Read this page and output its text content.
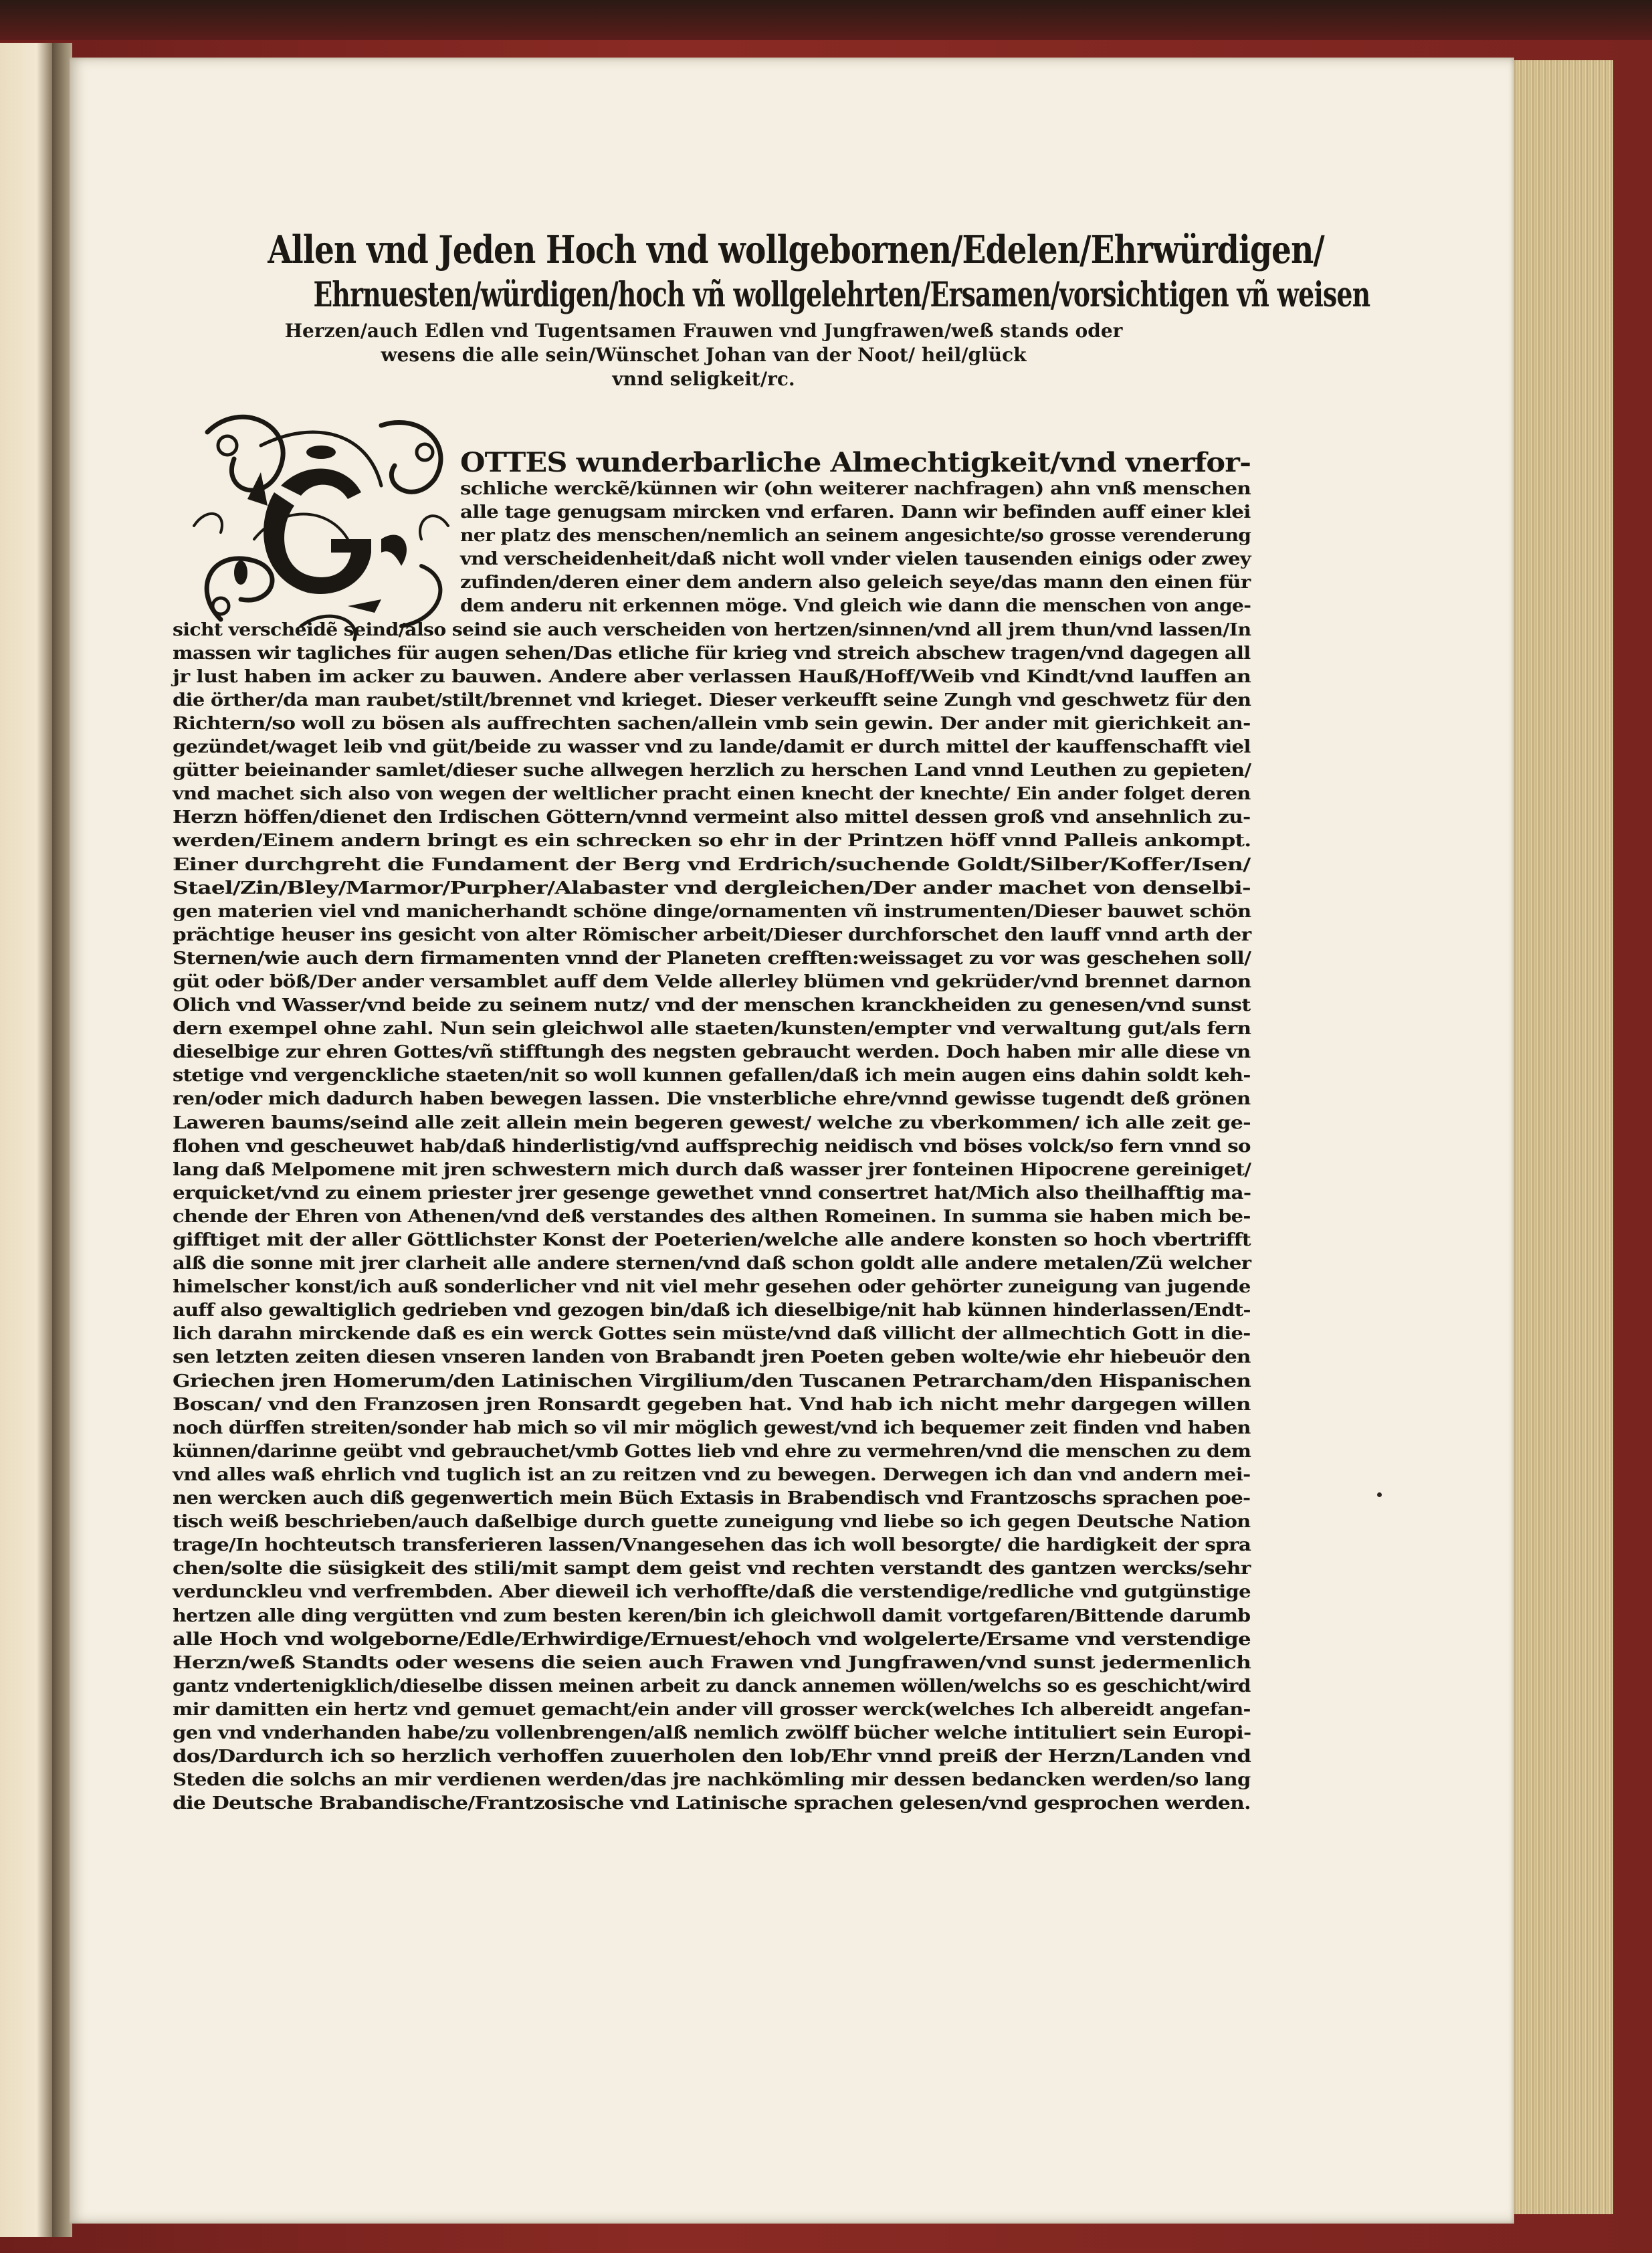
Allen vnd Jeden Hoch vnd wollgebornen/Edelen/Ehrwürdigen/
Ehrnuesten/würdigen/hoch vñ wollgelehrten/Ersamen/vorsichtigen vñ weisen
Herzen/auch Edlen vnd Tugentsamen Frauwen vnd Jungfrawen/weß stands oder
wesens die alle sein/Wünschet Johan van der Noot/ heil/glück
vnnd seligkeit/rc.
OTTES wunderbarliche Almechtigkeit/vnd vnerfor-
schliche werckẽ/künnen wir (ohn weiterer nachfragen) ahn vnß menschen
alle tage genugsam mircken vnd erfaren. Dann wir befinden auff einer klei
ner platz des menschen/nemlich an seinem angesichte/so grosse verenderung
vnd verscheidenheit/daß nicht woll vnder vielen tausenden einigs oder zwey
zufinden/deren einer dem andern also geleich seye/das mann den einen für
dem anderu nit erkennen möge. Vnd gleich wie dann die menschen von ange-
sicht verscheidẽ seind/also seind sie auch verscheiden von hertzen/sinnen/vnd all jrem thun/vnd lassen/In
massen wir tagliches für augen sehen/Das etliche für krieg vnd streich abschew tragen/vnd dagegen all
jr lust haben im acker zu bauwen. Andere aber verlassen Hauß/Hoff/Weib vnd Kindt/vnd lauffen an
die örther/da man raubet/stilt/brennet vnd krieget. Dieser verkeufft seine Zungh vnd geschwetz für den
Richtern/so woll zu bösen als auffrechten sachen/allein vmb sein gewin. Der ander mit gierichkeit an-
gezündet/waget leib vnd güt/beide zu wasser vnd zu lande/damit er durch mittel der kauffenschafft viel
gütter beieinander samlet/dieser suche allwegen herzlich zu herschen Land vnnd Leuthen zu gepieten/
vnd machet sich also von wegen der weltlicher pracht einen knecht der knechte/ Ein ander folget deren
Herzn höffen/dienet den Irdischen Göttern/vnnd vermeint also mittel dessen groß vnd ansehnlich zu-
werden/Einem andern bringt es ein schrecken so ehr in der Printzen höff vnnd Palleis ankompt.
Einer durchgreht die Fundament der Berg vnd Erdrich/suchende Goldt/Silber/Koffer/Isen/
Stael/Zin/Bley/Marmor/Purpher/Alabaster vnd dergleichen/Der ander machet von denselbi-
gen materien viel vnd manicherhandt schöne dinge/ornamenten vñ instrumenten/Dieser bauwet schön
prächtige heuser ins gesicht von alter Römischer arbeit/Dieser durchforschet den lauff vnnd arth der
Sternen/wie auch dern firmamenten vnnd der Planeten crefften:weissaget zu vor was geschehen soll/
güt oder böß/Der ander versamblet auff dem Velde allerley blümen vnd gekrüder/vnd brennet darnon
Olich vnd Wasser/vnd beide zu seinem nutz/ vnd der menschen kranckheiden zu genesen/vnd sunst
dern exempel ohne zahl. Nun sein gleichwol alle staeten/kunsten/empter vnd verwaltung gut/als fern
dieselbige zur ehren Gottes/vñ stifftungh des negsten gebraucht werden. Doch haben mir alle diese vn
stetige vnd vergenckliche staeten/nit so woll kunnen gefallen/daß ich mein augen eins dahin soldt keh-
ren/oder mich dadurch haben bewegen lassen. Die vnsterbliche ehre/vnnd gewisse tugendt deß grönen
Laweren baums/seind alle zeit allein mein begeren gewest/ welche zu vberkommen/ ich alle zeit ge-
flohen vnd gescheuwet hab/daß hinderlistig/vnd auffsprechig neidisch vnd böses volck/so fern vnnd so
lang daß Melpomene mit jren schwestern mich durch daß wasser jrer fonteinen Hipocrene gereiniget/
erquicket/vnd zu einem priester jrer gesenge gewethet vnnd consertret hat/Mich also theilhafftig ma-
chende der Ehren von Athenen/vnd deß verstandes des althen Romeinen. In summa sie haben mich be-
gifftiget mit der aller Göttlichster Konst der Poeterien/welche alle andere konsten so hoch vbertrifft
alß die sonne mit jrer clarheit alle andere sternen/vnd daß schon goldt alle andere metalen/Zü welcher
himelscher konst/ich auß sonderlicher vnd nit viel mehr gesehen oder gehörter zuneigung van jugende
auff also gewaltiglich gedrieben vnd gezogen bin/daß ich dieselbige/nit hab künnen hinderlassen/Endt-
lich darahn mirckende daß es ein werck Gottes sein müste/vnd daß villicht der allmechtich Gott in die-
sen letzten zeiten diesen vnseren landen von Brabandt jren Poeten geben wolte/wie ehr hiebeuör den
Griechen jren Homerum/den Latinischen Virgilium/den Tuscanen Petrarcham/den Hispanischen
Boscan/ vnd den Franzosen jren Ronsardt gegeben hat. Vnd hab ich nicht mehr dargegen willen
noch dürffen streiten/sonder hab mich so vil mir möglich gewest/vnd ich bequemer zeit finden vnd haben
künnen/darinne geübt vnd gebrauchet/vmb Gottes lieb vnd ehre zu vermehren/vnd die menschen zu dem
vnd alles waß ehrlich vnd tuglich ist an zu reitzen vnd zu bewegen. Derwegen ich dan vnd andern mei-
nen wercken auch diß gegenwertich mein Büch Extasis in Brabendisch vnd Frantzoschs sprachen poe-
tisch weiß beschrieben/auch daßelbige durch guette zuneigung vnd liebe so ich gegen Deutsche Nation
trage/In hochteutsch transferieren lassen/Vnangesehen das ich woll besorgte/ die hardigkeit der spra
chen/solte die süsigkeit des stili/mit sampt dem geist vnd rechten verstandt des gantzen wercks/sehr
verdunckleu vnd verfrembden. Aber dieweil ich verhoffte/daß die verstendige/redliche vnd gutgünstige
hertzen alle ding vergütten vnd zum besten keren/bin ich gleichwoll damit vortgefaren/Bittende darumb
alle Hoch vnd wolgeborne/Edle/Erhwirdige/Ernuest/ehoch vnd wolgelerte/Ersame vnd verstendige
Herzn/weß Standts oder wesens die seien auch Frawen vnd Jungfrawen/vnd sunst jedermenlich
gantz vndertenigklich/dieselbe dissen meinen arbeit zu danck annemen wöllen/welchs so es geschicht/wird
mir damitten ein hertz vnd gemuet gemacht/ein ander vill grosser werck(welches Ich albereidt angefan-
gen vnd vnderhanden habe/zu vollenbrengen/alß nemlich zwölff bücher welche intituliert sein Europi-
dos/Dardurch ich so herzlich verhoffen zuuerholen den lob/Ehr vnnd preiß der Herzn/Landen vnd
Steden die solchs an mir verdienen werden/das jre nachkömling mir dessen bedancken werden/so lang
die Deutsche Brabandische/Frantzosische vnd Latinische sprachen gelesen/vnd gesprochen werden.
